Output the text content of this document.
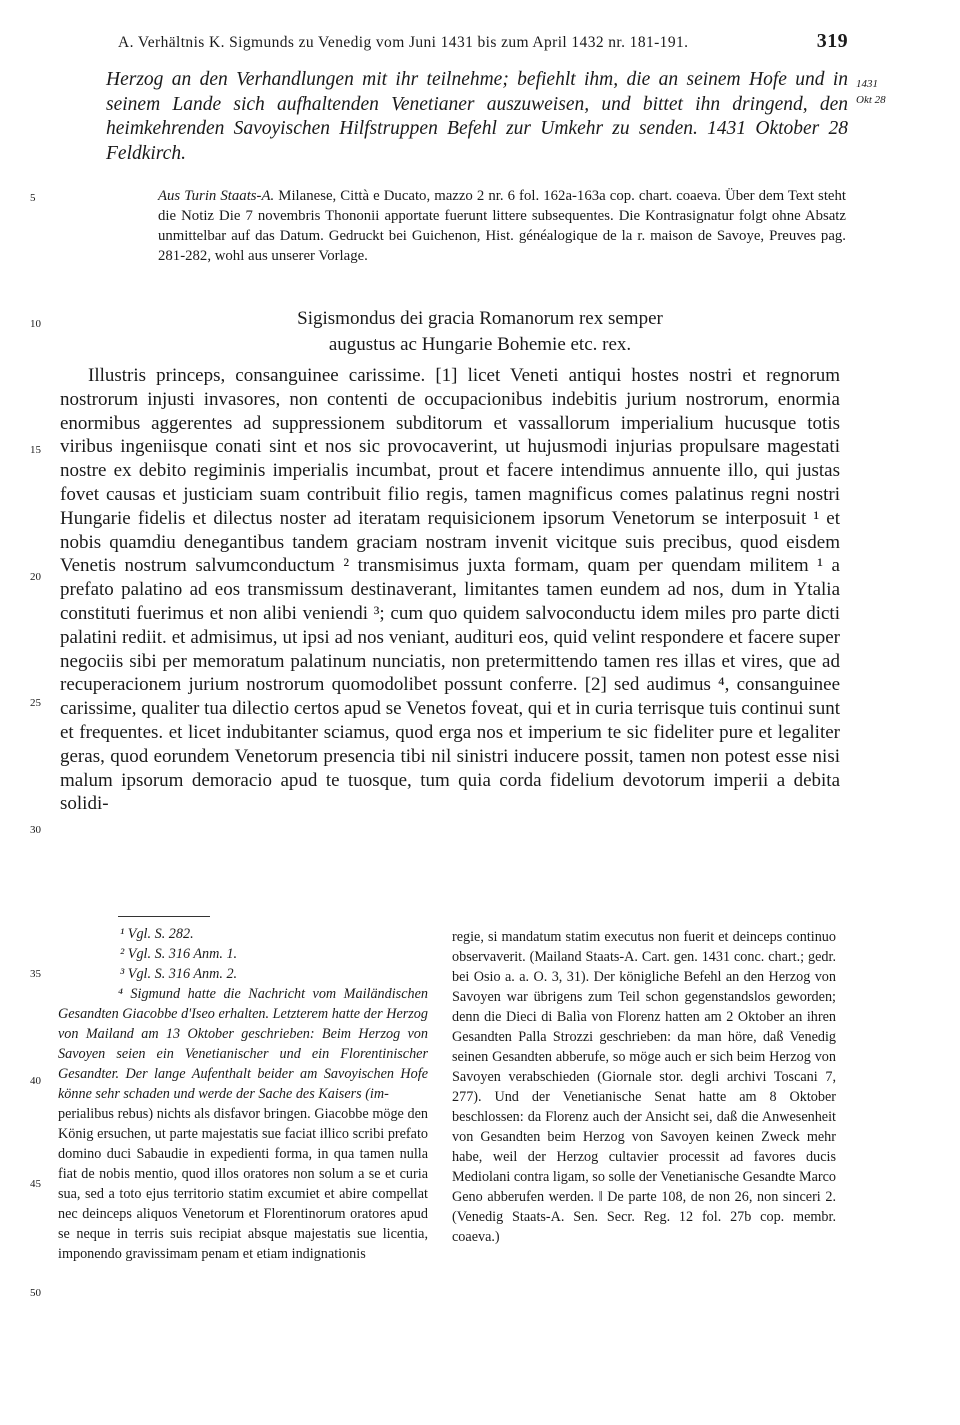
A. Verhältnis K. Sigmunds zu Venedig vom Juni 1431 bis zum April 1432 nr. 181-191.	319

Herzog an den Verhandlungen mit ihr teilnehme; befiehlt ihm, die an seinem Hofe und in seinem Lande sich aufhaltenden Venetianer auszuweisen, und bittet ihn dringend, den heimkehrenden Savoyischen Hilfstruppen Befehl zur Umkehr zu senden. 1431 Oktober 28 Feldkirch.

1431
Okt 28
5	Aus Turin Staats-A. Milanese, Città e Ducato, mazzo 2 nr. 6 fol. 162a-163a cop. chart. coaeva. Über dem Text steht die Notiz Die 7 novembris Thononii apportate fuerunt littere subsequentes. Die Kontrasignatur folgt ohne Absatz unmittelbar auf das Datum. Gedruckt bei Guichenon, Hist. généalogique de la r. maison de Savoye, Preuves pag. 281-282, wohl aus unserer Vorlage.

10	Sigismondus dei gracia Romanorum rex semper
augustus ac Hungarie Bohemie etc. rex.
15
20
25
30

Illustris princeps, consanguinee carissime. [1] licet Veneti antiqui hostes nostri et regnorum nostrorum injusti invasores, non contenti de occupacionibus indebitis jurium nostrorum, enormia enormibus aggerentes ad suppressionem subditorum et vassallorum imperialium hucusque totis viribus ingeniisque conati sint et nos sic provocaverint, ut hujusmodi injurias propulsare magestati nostre ex debito regiminis imperialis incumbat, prout et facere intendimus annuente illo, qui justas fovet causas et justiciam suam contribuit filio regis, tamen magnificus comes palatinus regni nostri Hungarie fidelis et dilectus noster ad iteratam requisicionem ipsorum Venetorum se interposuit ¹ et nobis quamdiu denegantibus tandem graciam nostram invenit vicitque suis precibus, quod eisdem Venetis nostrum salvumconductum ² transmisimus juxta formam, quam per quendam militem ¹ a prefato palatino ad eos transmissum destinaverant, limitantes tamen eundem ad nos, dum in Ytalia constituti fuerimus et non alibi veniendi ³; cum quo quidem salvoconductu idem miles pro parte dicti palatini rediit. et admisimus, ut ipsi ad nos veniant, audituri eos, quid velint respondere et facere super negociis sibi per memoratum palatinum nunciatis, non pretermittendo tamen res illas et vires, que ad recuperacionem jurium nostrorum quomodolibet possunt conferre. [2] sed audimus ⁴, consanguinee carissime, qualiter tua dilectio certos apud se Venetos foveat, qui et in curia terrisque tuis continui sunt et frequentes. et licet indubitanter sciamus, quod erga nos et imperium te sic fideliter pure et legaliter geras, quod eorundem Venetorum presencia tibi nil sinistri inducere possit, tamen non potest esse nisi malum ipsorum demoracio apud te tuosque, tum quia corda fidelium devotorum imperii a debita solidi-

35
40
45
50

¹ Vgl. S. 282.

² Vgl. S. 316 Anm. 1.

³ Vgl. S. 316 Anm. 2.

⁴ Sigmund hatte die Nachricht vom Mailändischen Gesandten Giacobbe d'Iseo erhalten. Letzterem hatte der Herzog von Mailand am 13 Oktober geschrieben: Beim Herzog von Savoyen seien ein Venetianischer und ein Florentinischer Gesandter. Der lange Aufenthalt beider am Savoyischen Hofe könne sehr schaden und werde der Sache des Kaisers (im-

perialibus rebus) nichts als disfavor bringen. Giacobbe möge den König ersuchen, ut parte majestatis sue faciat illico scribi prefato domino duci Sabaudie in expedienti forma, in qua tamen nulla fiat de nobis mentio, quod illos oratores non solum a se et curia sua, sed a toto ejus territorio statim excumiet et abire compellat nec deinceps aliquos Venetorum et Florentinorum oratores apud se neque in terris suis recipiat absque majestatis sue licentia, imponendo gravissimam penam et etiam indignationis

regie, si mandatum statim executus non fuerit et deinceps continuo observaverit. (Mailand Staats-A. Cart. gen. 1431 conc. chart.; gedr. bei Osio a. a. O. 3, 31). Der königliche Befehl an den Herzog von Savoyen war übrigens zum Teil schon gegenstandslos geworden; denn die Dieci di Balìa von Florenz hatten am 2 Oktober an ihren Gesandten Palla Strozzi geschrieben: da man höre, daß Venedig seinen Gesandten abberufe, so möge auch er sich beim Herzog von Savoyen verabschieden (Giornale stor. degli archivi Toscani 7, 277). Und der Venetianische Senat hatte am 8 Oktober beschlossen: da Florenz auch der Ansicht sei, daß die Anwesenheit von Gesandten beim Herzog von Savoyen keinen Zweck mehr habe, weil der Herzog cultavier processit ad favores ducis Mediolani contra ligam, so solle der Venetianische Gesandte Marco Geno abberufen werden. ‖ De parte 108, de non 26, non sinceri 2. (Venedig Staats-A. Sen. Secr. Reg. 12 fol. 27b cop. membr. coaeva.)
